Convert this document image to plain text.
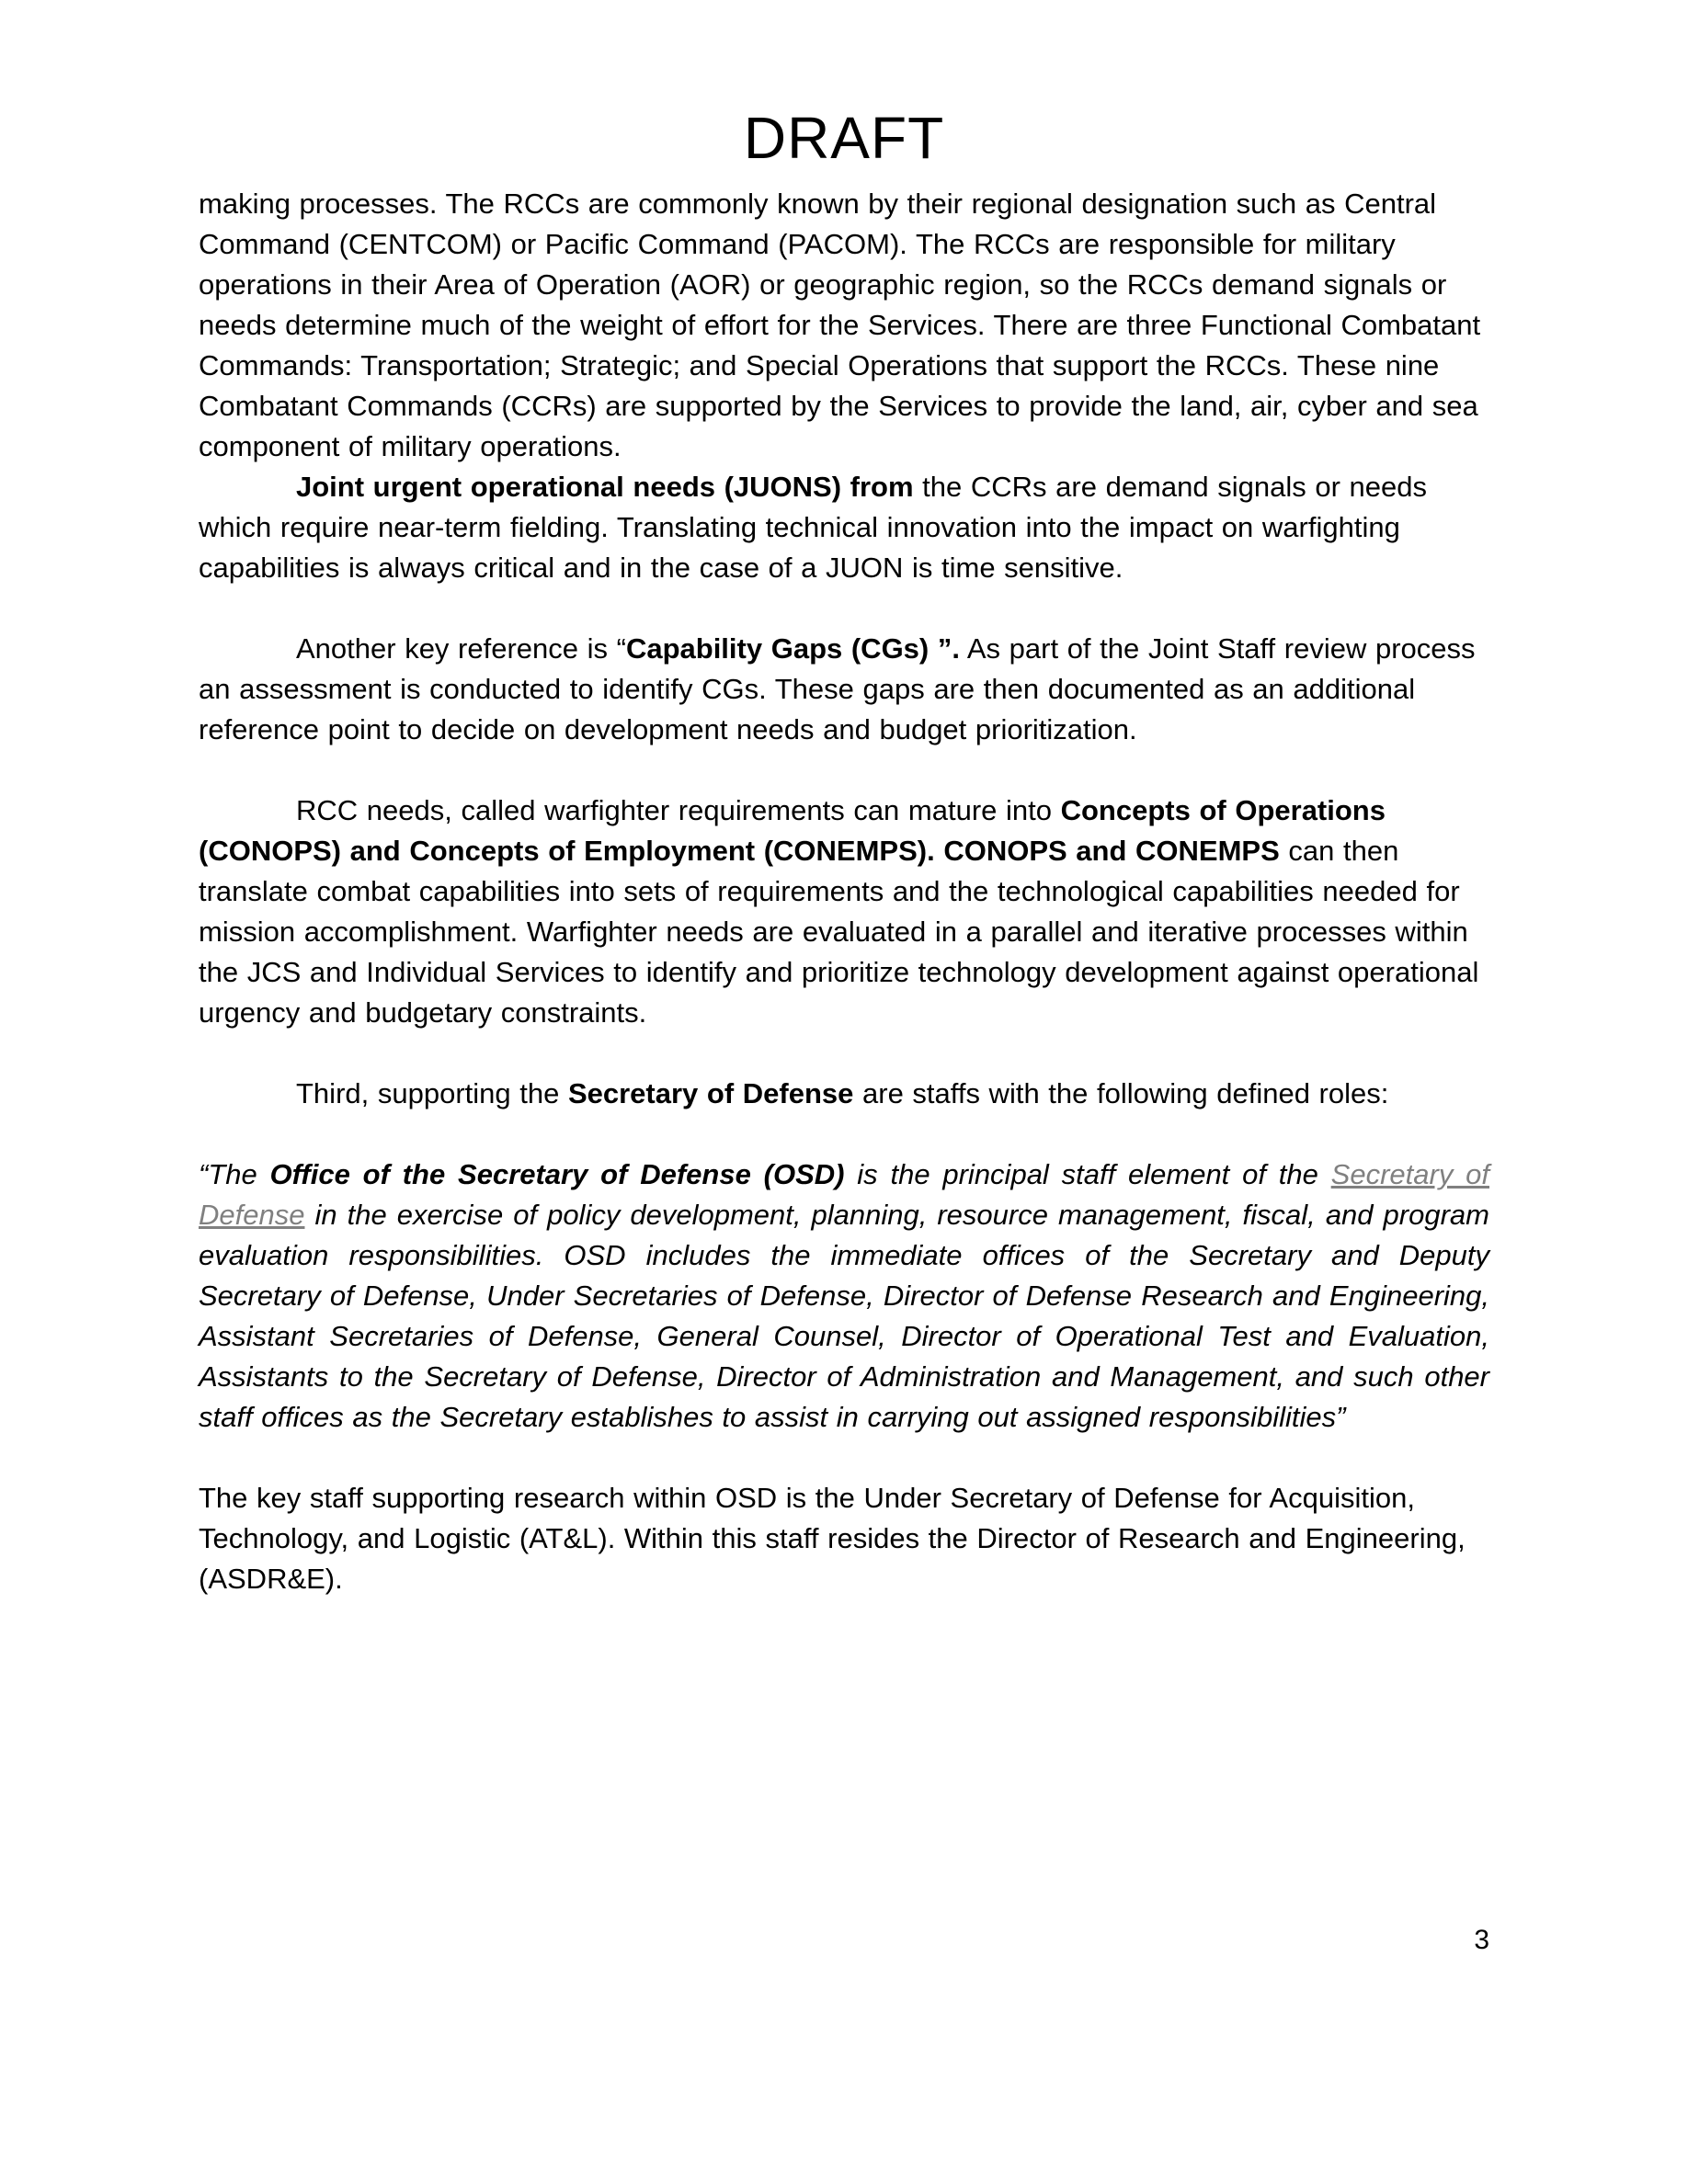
DRAFT

making processes. The RCCs are commonly known by their regional designation such as Central Command (CENTCOM) or Pacific Command (PACOM). The RCCs are responsible for military operations in their Area of Operation (AOR) or geographic region, so the RCCs demand signals or needs determine much of the weight of effort for the Services. There are three Functional Combatant Commands: Transportation; Strategic; and Special Operations that support the RCCs. These nine Combatant Commands (CCRs) are supported by the Services to provide the land, air, cyber and sea component of military operations.

Joint urgent operational needs (JUONS) from the CCRs are demand signals or needs which require near-term fielding. Translating technical innovation into the impact on warfighting capabilities is always critical and in the case of a JUON is time sensitive.

Another key reference is “Capability Gaps (CGs) ”. As part of the Joint Staff review process an assessment is conducted to identify CGs. These gaps are then documented as an additional reference point to decide on development needs and budget prioritization.

RCC needs, called warfighter requirements can mature into Concepts of Operations (CONOPS) and Concepts of Employment (CONEMPS). CONOPS and CONEMPS can then translate combat capabilities into sets of requirements and the technological capabilities needed for mission accomplishment. Warfighter needs are evaluated in a parallel and iterative processes within the JCS and Individual Services to identify and prioritize technology development against operational urgency and budgetary constraints.

Third, supporting the Secretary of Defense are staffs with the following defined roles:

“The Office of the Secretary of Defense (OSD) is the principal staff element of the Secretary of Defense in the exercise of policy development, planning, resource management, fiscal, and program evaluation responsibilities. OSD includes the immediate offices of the Secretary and Deputy Secretary of Defense, Under Secretaries of Defense, Director of Defense Research and Engineering, Assistant Secretaries of Defense, General Counsel, Director of Operational Test and Evaluation, Assistants to the Secretary of Defense, Director of Administration and Management, and such other staff offices as the Secretary establishes to assist in carrying out assigned responsibilities”

The key staff supporting research within OSD is the Under Secretary of Defense for Acquisition, Technology, and Logistic (AT&L). Within this staff resides the Director of Research and Engineering, (ASDR&E).

3
